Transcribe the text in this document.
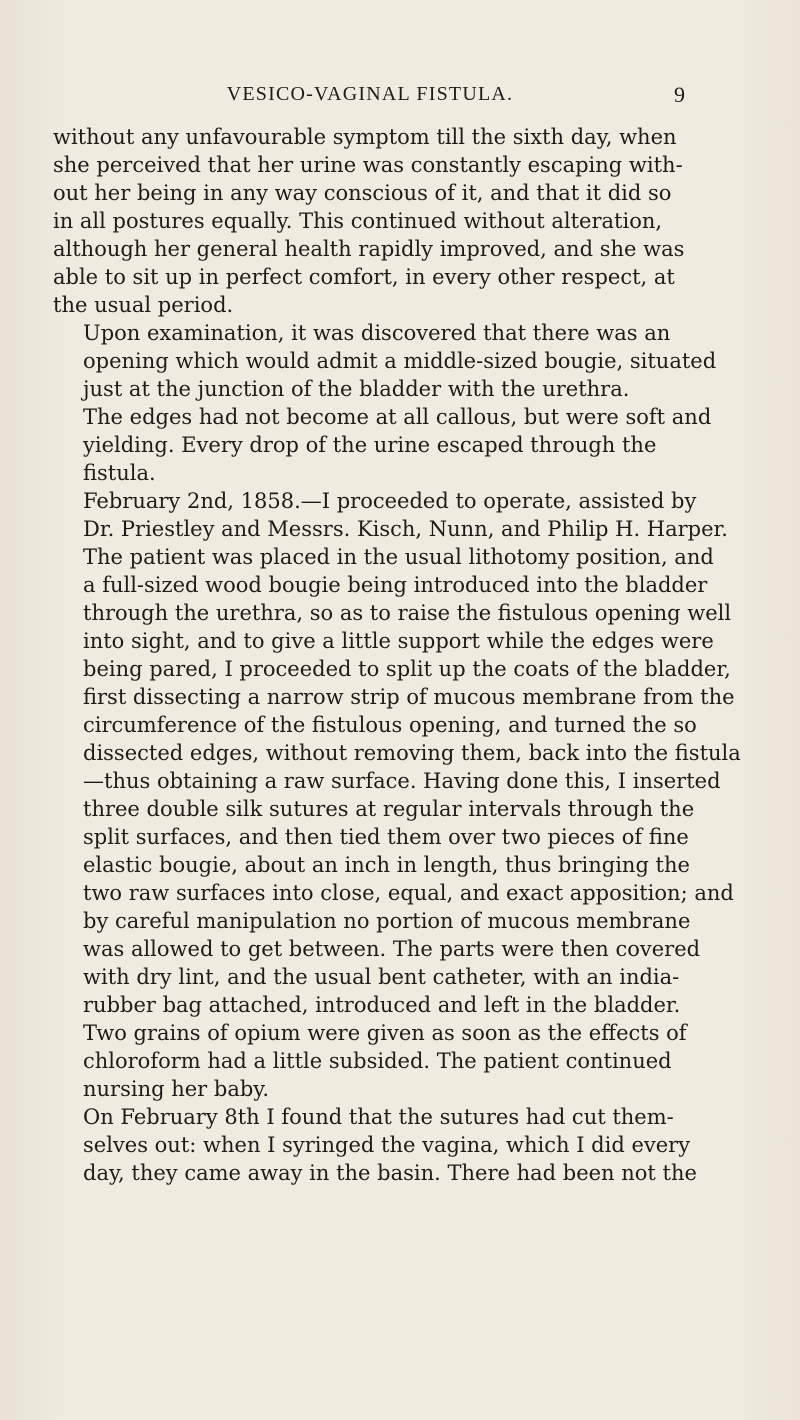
VESICO-VAGINAL FISTULA.	9

without any unfavourable symptom till the sixth day, when
she perceived that her urine was constantly escaping with-
out her being in any way conscious of it, and that it did so
in all postures equally. This continued without alteration,
although her general health rapidly improved, and she was
able to sit up in perfect comfort, in every other respect, at
the usual period.

Upon examination, it was discovered that there was an
opening which would admit a middle-sized bougie, situated
just at the junction of the bladder with the urethra.
The edges had not become at all callous, but were soft and
yielding. Every drop of the urine escaped through the
fistula.

February 2nd, 1858.—I proceeded to operate, assisted by
Dr. Priestley and Messrs. Kisch, Nunn, and Philip H. Harper.
The patient was placed in the usual lithotomy position, and
a full-sized wood bougie being introduced into the bladder
through the urethra, so as to raise the fistulous opening well
into sight, and to give a little support while the edges were
being pared, I proceeded to split up the coats of the bladder,
first dissecting a narrow strip of mucous membrane from the
circumference of the fistulous opening, and turned the so
dissected edges, without removing them, back into the fistula
—thus obtaining a raw surface. Having done this, I inserted
three double silk sutures at regular intervals through the
split surfaces, and then tied them over two pieces of fine
elastic bougie, about an inch in length, thus bringing the
two raw surfaces into close, equal, and exact apposition; and
by careful manipulation no portion of mucous membrane
was allowed to get between. The parts were then covered
with dry lint, and the usual bent catheter, with an india-
rubber bag attached, introduced and left in the bladder.

Two grains of opium were given as soon as the effects of
chloroform had a little subsided. The patient continued
nursing her baby.

On February 8th I found that the sutures had cut them-
selves out: when I syringed the vagina, which I did every
day, they came away in the basin. There had been not the
